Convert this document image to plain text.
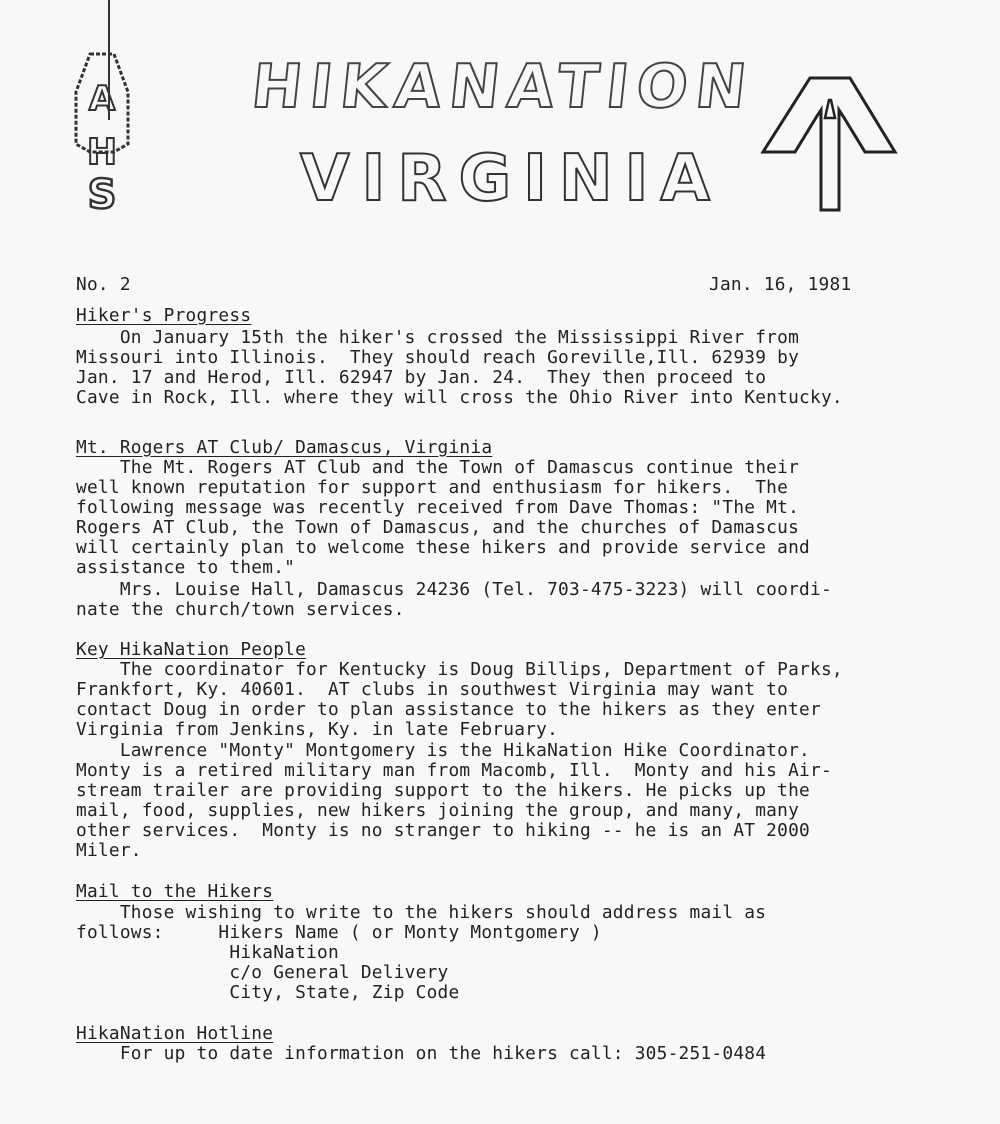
A
H
S
HIKANATION
VIRGINIA
No. 2	Jan. 16, 1981
Hiker's Progress
On January 15th the hiker's crossed the Mississippi River from
Missouri into Illinois.  They should reach Goreville,Ill. 62939 by
Jan. 17 and Herod, Ill. 62947 by Jan. 24.  They then proceed to
Cave in Rock, Ill. where they will cross the Ohio River into Kentucky.
Mt. Rogers AT Club/ Damascus, Virginia
The Mt. Rogers AT Club and the Town of Damascus continue their
well known reputation for support and enthusiasm for hikers.  The
following message was recently received from Dave Thomas: "The Mt.
Rogers AT Club, the Town of Damascus, and the churches of Damascus
will certainly plan to welcome these hikers and provide service and
assistance to them."
Mrs. Louise Hall, Damascus 24236 (Tel. 703-475-3223) will coordi-
nate the church/town services.
Key HikaNation People
The coordinator for Kentucky is Doug Billips, Department of Parks,
Frankfort, Ky. 40601.  AT clubs in southwest Virginia may want to
contact Doug in order to plan assistance to the hikers as they enter
Virginia from Jenkins, Ky. in late February.
Lawrence "Monty" Montgomery is the HikaNation Hike Coordinator.
Monty is a retired military man from Macomb, Ill.  Monty and his Air-
stream trailer are providing support to the hikers. He picks up the
mail, food, supplies, new hikers joining the group, and many, many
other services.  Monty is no stranger to hiking -- he is an AT 2000
Miler.
Mail to the Hikers
Those wishing to write to the hikers should address mail as
follows:     Hikers Name ( or Monty Montgomery )
HikaNation
c/o General Delivery
City, State, Zip Code
HikaNation Hotline
For up to date information on the hikers call: 305-251-0484
